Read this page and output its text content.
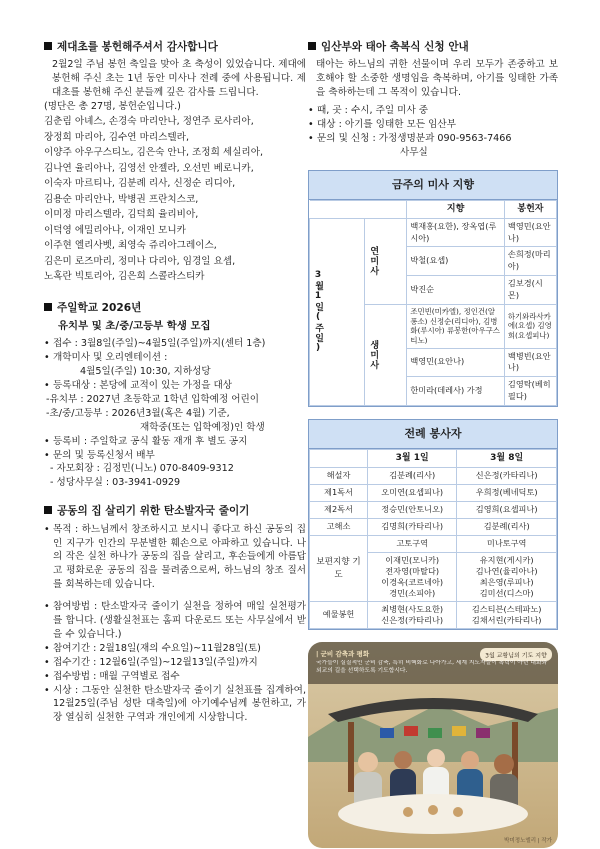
제대초를 봉헌해주셔서 감사합니다

2월2일 주님 봉헌 축일을 맞아 초 축성이 있었습니다. 제대에 봉헌해 주신 초는 1년 동안 미사나 전례 중에 사용됩니다. 제대초를 봉헌해 주신 분들께 깊은 감사를 드립니다.

(명단은 총 27명, 봉헌순입니다.)

김춘림 아녜스, 손경숙 마리안나, 정연주 로사리아,
장정희 마리아, 김수연 마리스텔라,
이양주 아우구스티노, 김은숙 안나, 조정희 세실리아,
김나연 율리아나, 김영선 안젤라, 오선민 베로니카,
이숙자 마르티나, 김분례 리사, 신정순 리디아,
김용순 마리안나, 박병권 프란치스코,
이미정 마리스텔라, 김덕희 율리비아,
이덕영 에밀리아나, 이재인 모니카
이주현 엘리사벳, 최영숙 쥬리아그레이스,
김은미 로즈마리, 정미나 다리아, 임경일 요셉,
노혹란 빅토리아, 김은희 스콜라스티카
주일학교 2026년
유치부 및 초/중/고등부 학생 모집
• 접수 : 3월8일(주일)~4월5일(주일)까지(센터 1층)
• 개학미사 및 오리엔테이션 :
4월5일(주일) 10:30, 지하성당
• 등록대상 : 본당에 교적이 있는 가정을 대상
-유치부 : 2027년 초등학교 1학년 입학예정 어린이
-초/중/고등부 : 2026년3월(혹은 4월) 기준,
재학중(또는 입학예정)인 학생
• 등록비 : 주일학교 공식 활동 재개 후 별도 공지
• 문의 및 등록신청서 배부
- 자모회장 : 김정민(니노) 070-8409-9312
- 성당사무실 : 03-3941-0929
공동의 집 살리기 위한 탄소발자국 줄이기

• 목적 : 하느님께서 창조하시고 보시니 좋다고 하신 공동의 집인 지구가 인간의 무분별한 훼손으로 아파하고 있습니다. 나의 작은 실천 하나가 공동의 집을 살리고, 후손들에게 아름답고 평화로운 공동의 집을 물려줌으로써, 하느님의 창조 질서를 회복하는데 있습니다.

• 참여방법 : 탄소발자국 줄이기 실천을 정하여 매일 실천평가를 합니다. (생활실천표는 홈피 다운로드 또는 사무실에서 받을 수 있습니다.)

• 참여기간 : 2월18일(재의 수요일)~11월28일(토)
• 접수기간 : 12월6일(주일)~12월13일(주일)까지
• 접수방법 : 매월 구역별로 접수

• 시상 : 그동안 실천한 탄소발자국 줄이기 실천표를 집계하여, 12월25일(주님 성탄 대축일)에 아기예수님께 봉헌하고, 가장 열심히 실천한 구역과 개인에게 시상합니다.

임산부와 태아 축복식 신청 안내

태아는 하느님의 귀한 선물이며 우리 모두가 존중하고 보호해야 할 소중한 생명임을 축복하며, 아기를 잉태한 가족을 축하하는데 그 목적이 있습니다.

• 때, 곳 : 수시, 주일 미사 중
• 대상 : 아기를 잉태한 모든 임산부
• 문의 및 신청 : 가정생명분과 090-9563-7466
사무실
금주의 미사 지향
		지향	봉헌자

3월1일(주일)	연미사	백재홍(요한), 장옥엽(루시아)	백영민(요안나)
		박철(요셉)	손희정(마리아)
		박진순	김보경(시몬)

	생미사	조민빈(미카엘), 정인건(알퐁소) 신정순(리디아), 김병화(루시아) 류봉한(아우구스티노)	하기와라사카에(요셉) 김영희(요셉피나)
		백영민(요안나)	백병빈(요안나)
		한미라(데레사) 가정	김영탁(베히필다)
전례 봉사자
	3월 1일	3월 8일
해설자	김분례(리사)	신은정(카타리나)
제1독서	오미연(요셉피나)	우희정(베네딕토)
제2독서	정승민(안토니오)	김영희(요셉피나)
고해소	김명희(카타리나)	김분례(리사)
보편지향 기 도	고토구역	미나토구역

	이재민(모니카)
전자영(마탈다)
이경옥(코르네아)
경민(소피아)	유지현(게시카)
김나연(율리아나)
최은영(루피나)
김미선(디스마)

예물봉헌	최병현(사도요한)
신은정(카타리나)	김스티븐(스테파노)
김채서린(카타리나)
3월 교황님의 기도 지향
| 군비 감축과 평화
국가들이 실질적인 군비 감축, 특히 비핵화로 나아가고, 세계 지도자들이 폭력이 아닌 대화와 외교의 길을 선택하도록 기도합시다.
박미정노엘리 | 작가
